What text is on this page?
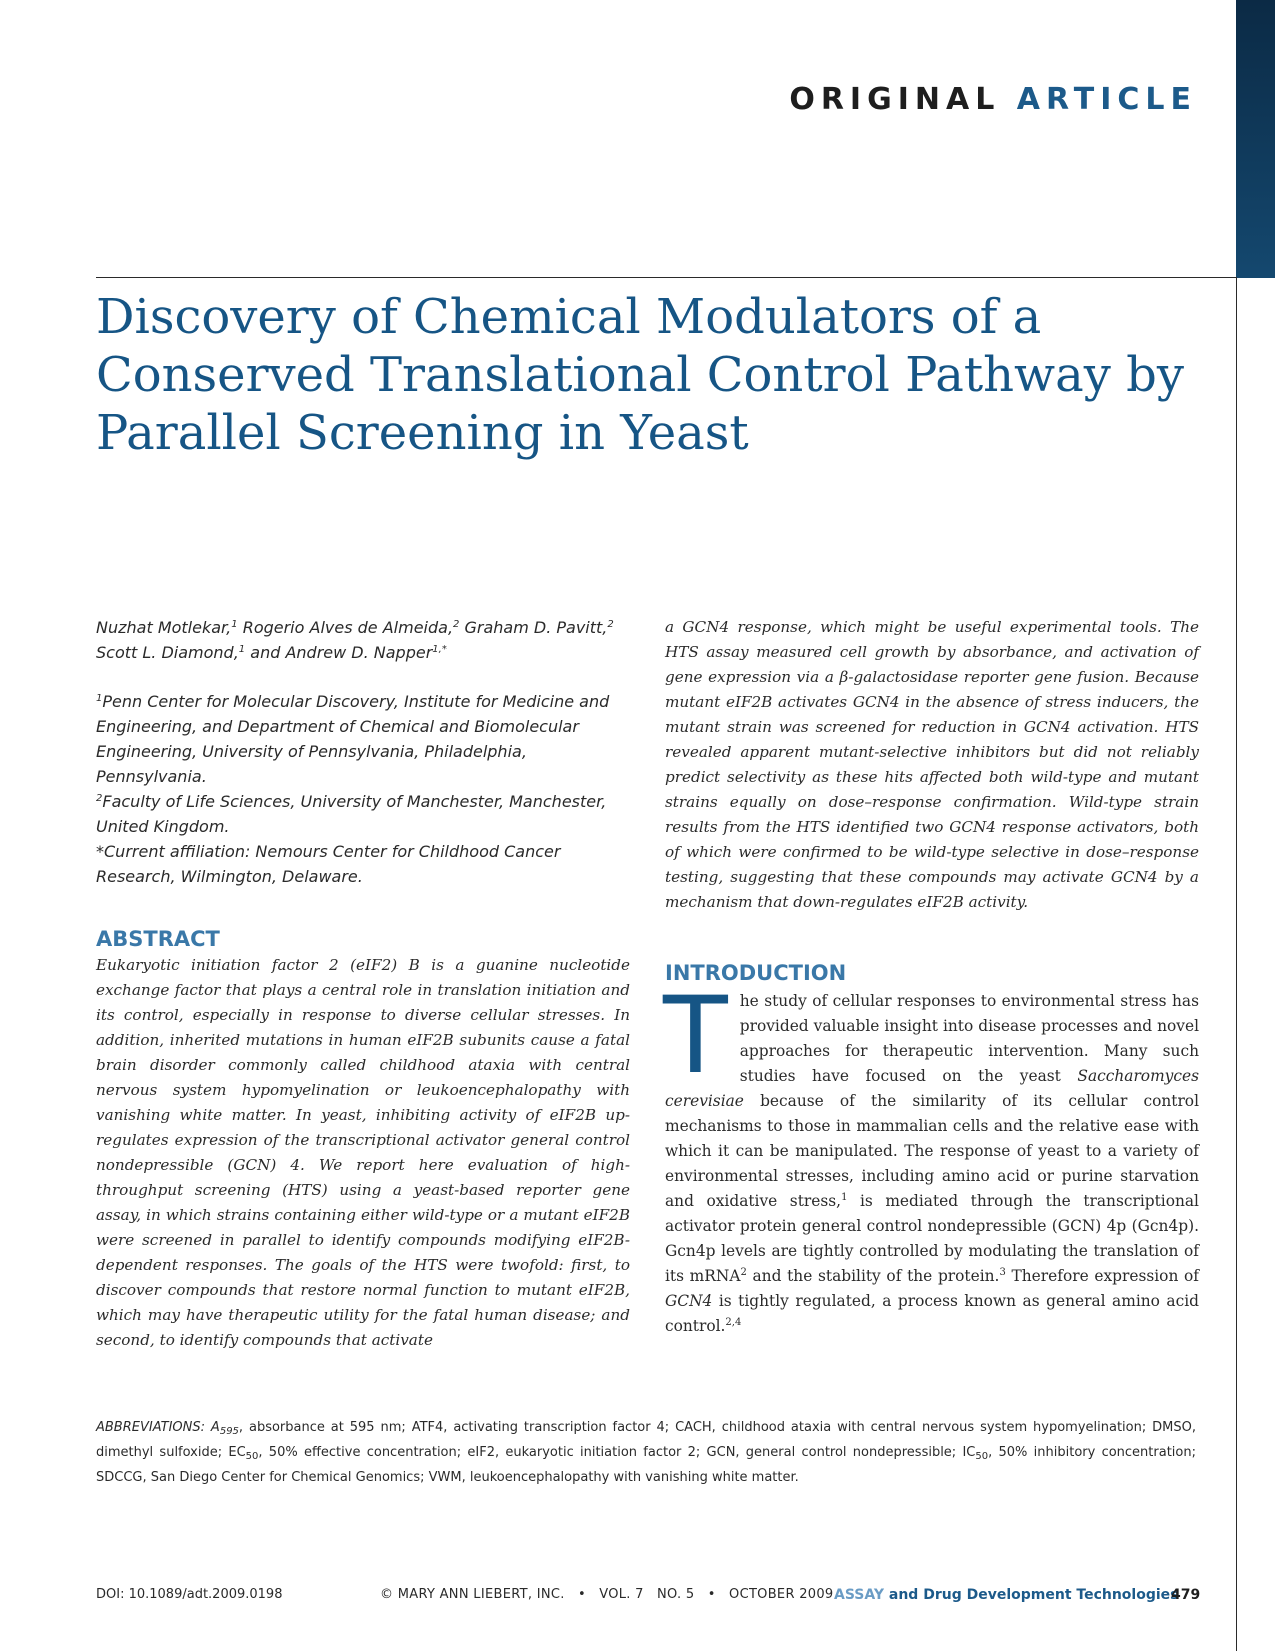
ORIGINAL ARTICLE
Discovery of Chemical Modulators of a Conserved Translational Control Pathway by Parallel Screening in Yeast
Nuzhat Motlekar,$^1$ Rogerio Alves de Almeida,$^2$ Graham D. Pavitt,$^2$
Scott L. Diamond,$^1$ and Andrew D. Napper$^{1,*}$

$^1$Penn Center for Molecular Discovery, Institute for Medicine and Engineering, and Department of Chemical and Biomolecular Engineering, University of Pennsylvania, Philadelphia, Pennsylvania.

$^2$Faculty of Life Sciences, University of Manchester, Manchester, United Kingdom.

*Current affiliation: Nemours Center for Childhood Cancer Research, Wilmington, Delaware.

ABSTRACT

Eukaryotic initiation factor 2 (eIF2) B is a guanine nucleotide exchange factor that plays a central role in translation initiation and its control, especially in response to diverse cellular stresses. In addition, inherited mutations in human eIF2B subunits cause a fatal brain disorder commonly called childhood ataxia with central nervous system hypomyelination or leukoencephalopathy with vanishing white matter. In yeast, inhibiting activity of eIF2B up-regulates expression of the transcriptional activator general control nondepressible (GCN) 4. We report here evaluation of high-throughput screening (HTS) using a yeast-based reporter gene assay, in which strains containing either wild-type or a mutant eIF2B were screened in parallel to identify compounds modifying eIF2B-dependent responses. The goals of the HTS were twofold: first, to discover compounds that restore normal function to mutant eIF2B, which may have therapeutic utility for the fatal human disease; and second, to identify compounds that activate

a GCN4 response, which might be useful experimental tools. The HTS assay measured cell growth by absorbance, and activation of gene expression via a β-galactosidase reporter gene fusion. Because mutant eIF2B activates GCN4 in the absence of stress inducers, the mutant strain was screened for reduction in GCN4 activation. HTS revealed apparent mutant-selective inhibitors but did not reliably predict selectivity as these hits affected both wild-type and mutant strains equally on dose–response confirmation. Wild-type strain results from the HTS identified two GCN4 response activators, both of which were confirmed to be wild-type selective in dose–response testing, suggesting that these compounds may activate GCN4 by a mechanism that down-regulates eIF2B activity.

INTRODUCTION

The study of cellular responses to environmental stress has provided valuable insight into disease processes and novel approaches for therapeutic intervention. Many such studies have focused on the yeast Saccharomyces cerevisiae because of the similarity of its cellular control mechanisms to those in mammalian cells and the relative ease with which it can be manipulated. The response of yeast to a variety of environmental stresses, including amino acid or purine starvation and oxidative stress,$^1$ is mediated through the transcriptional activator protein general control nondepressible (GCN) 4p (Gcn4p). Gcn4p levels are tightly controlled by modulating the translation of its mRNA$^2$ and the stability of the protein.$^3$ Therefore expression of GCN4 is tightly regulated, a process known as general amino acid control.$^{2,4}$

ABBREVIATIONS: $A_{595}$, absorbance at 595 nm; ATF4, activating transcription factor 4; CACH, childhood ataxia with central nervous system hypomyelination; DMSO, dimethyl sulfoxide; $EC_{50}$, 50% effective concentration; eIF2, eukaryotic initiation factor 2; GCN, general control nondepressible; $IC_{50}$, 50% inhibitory concentration; SDCCG, San Diego Center for Chemical Genomics; VWM, leukoencephalopathy with vanishing white matter.

DOI: 10.1089/adt.2009.0198	© MARY ANN LIEBERT, INC.   •   VOL. 7   NO. 5   •   OCTOBER 2009 ASSAY and Drug Development Technologies
479
